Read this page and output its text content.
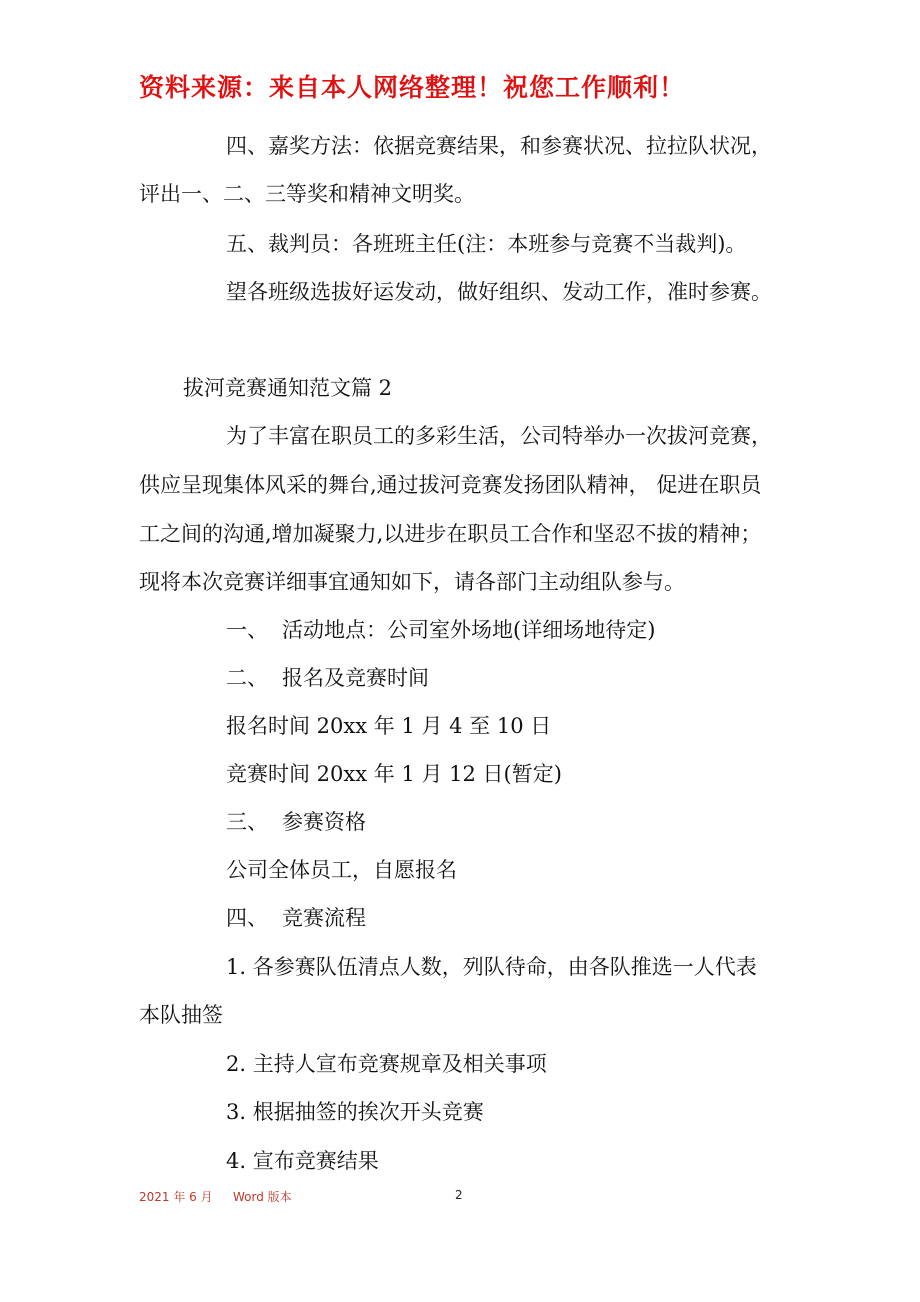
资料来源：来自本人网络整理！祝您工作顺利！
四、嘉奖方法：依据竞赛结果，和参赛状况、拉拉队状况，
评出一、二、三等奖和精神文明奖。
五、裁判员：各班班主任(注：本班参与竞赛不当裁判)。
望各班级选拔好运发动，做好组织、发动工作，准时参赛。
拔河竞赛通知范文篇 2
为了丰富在职员工的多彩生活，公司特举办一次拔河竞赛，
供应呈现集体风采的舞台,通过拔河竞赛发扬团队精神， 促进在职员
工之间的沟通,增加凝聚力,以进步在职员工合作和坚忍不拔的精神；
现将本次竞赛详细事宜通知如下，请各部门主动组队参与。
一、 活动地点：公司室外场地(详细场地待定)
二、 报名及竞赛时间
报名时间 20xx 年 1 月 4 至 10 日
竞赛时间 20xx 年 1 月 12 日(暂定)
三、 参赛资格
公司全体员工，自愿报名
四、 竞赛流程
1. 各参赛队伍清点人数，列队待命，由各队推选一人代表
本队抽签
2. 主持人宣布竞赛规章及相关事项
3. 根据抽签的挨次开头竞赛
4. 宣布竞赛结果
2021 年 6 月 Word 版本	2
